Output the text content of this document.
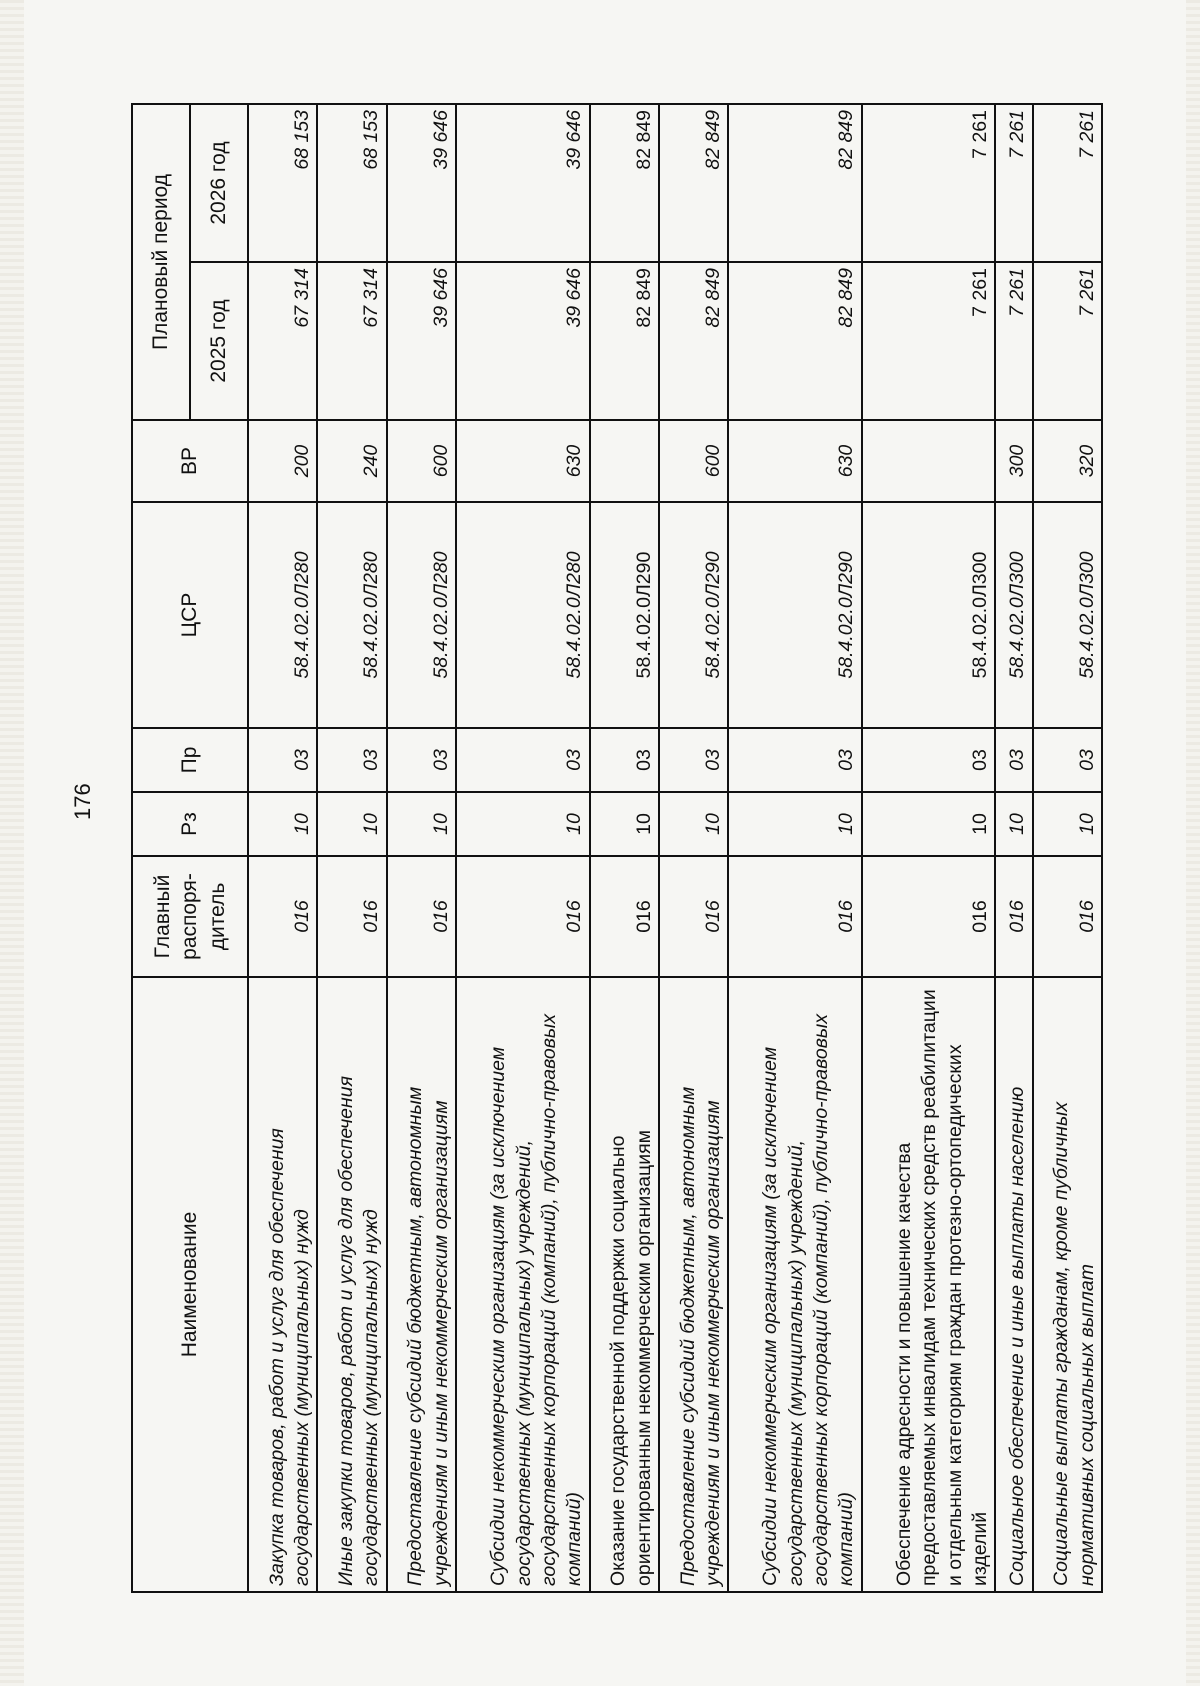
176
Наименование	Главный распоря-дитель	Рз	Пр	ЦСР	ВР	Плановый период	
						2025 год	2026 год
Закупка товаров, работ и услуг для обеспечения государственных (муниципальных) нужд	016	10	03	58.4.02.0Л280	200	67 314	68 153
Иные закупки товаров, работ и услуг для обеспечения государственных (муниципальных) нужд	016	10	03	58.4.02.0Л280	240	67 314	68 153
Предоставление субсидий бюджетным, автономным учреждениям и иным некоммерческим организациям	016	10	03	58.4.02.0Л280	600	39 646	39 646
Субсидии некоммерческим организациям (за исключением государственных (муниципальных) учреждений, государственных корпораций (компаний), публично-правовых компаний)	016	10	03	58.4.02.0Л280	630	39 646	39 646
Оказание государственной поддержки социально ориентированным некоммерческим организациям	016	10	03	58.4.02.0Л290		82 849	82 849
Предоставление субсидий бюджетным, автономным учреждениям и иным некоммерческим организациям	016	10	03	58.4.02.0Л290	600	82 849	82 849
Субсидии некоммерческим организациям (за исключением государственных (муниципальных) учреждений, государственных корпораций (компаний), публично-правовых компаний)	016	10	03	58.4.02.0Л290	630	82 849	82 849
Обеспечение адресности и повышение качества предоставляемых инвалидам технических средств реабилитации и отдельным категориям граждан протезно-ортопедических изделий	016	10	03	58.4.02.0Л300		7 261	7 261
Социальное обеспечение и иные выплаты населению	016	10	03	58.4.02.0Л300	300	7 261	7 261
Социальные выплаты гражданам, кроме публичных нормативных социальных выплат	016	10	03	58.4.02.0Л300	320	7 261	7 261
